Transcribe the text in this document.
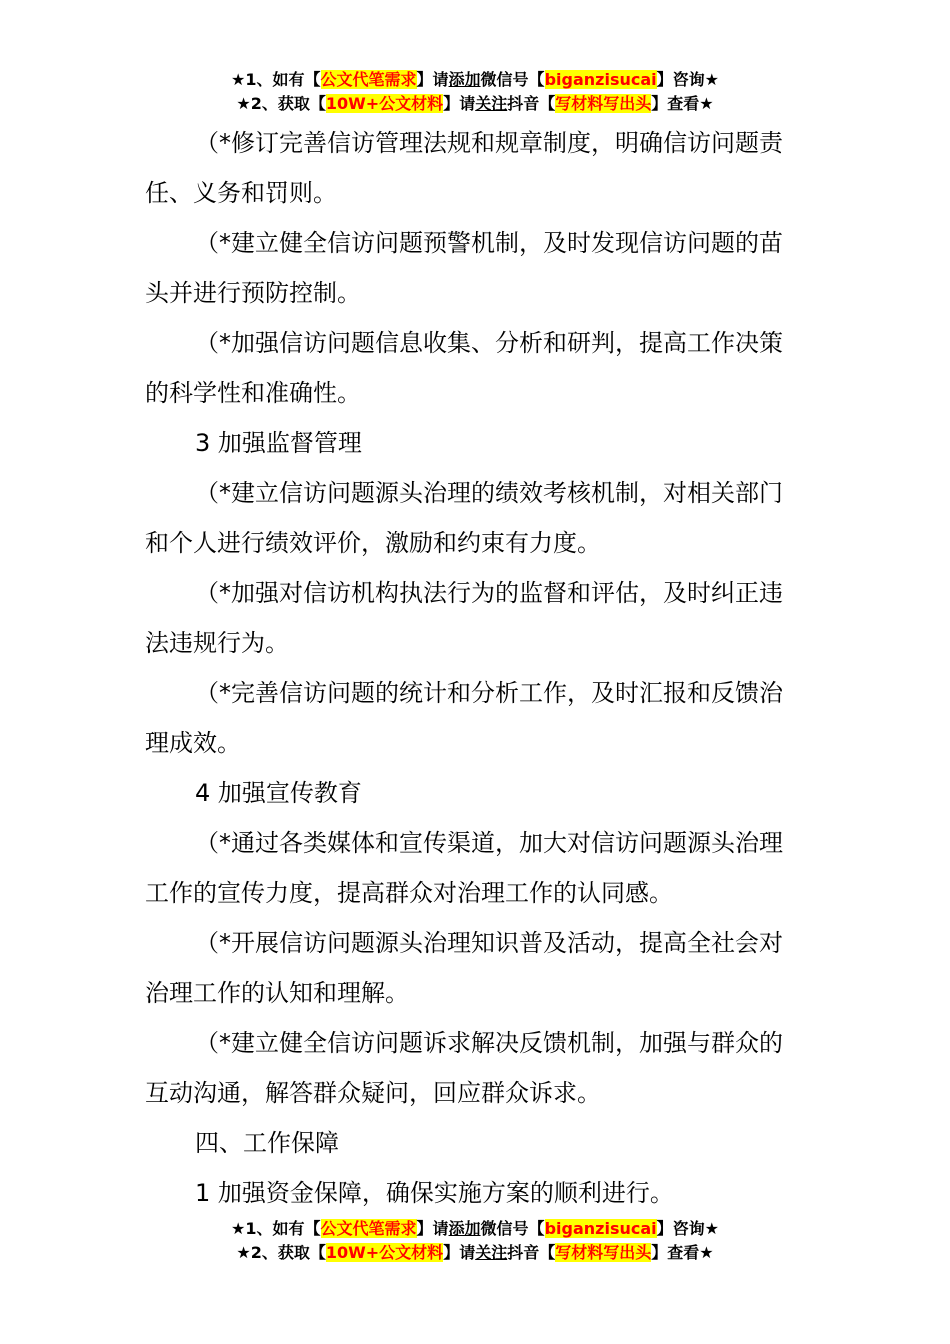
★1、如有【公文代笔需求】请添加微信号【biganzisucai】咨询★
★2、获取【10W+公文材料】请关注抖音【写材料写出头】查看★

（*修订完善信访管理法规和规章制度，明确信访问题责任、义务和罚则。

（*建立健全信访问题预警机制，及时发现信访问题的苗头并进行预防控制。

（*加强信访问题信息收集、分析和研判，提高工作决策的科学性和准确性。

3 加强监督管理

（*建立信访问题源头治理的绩效考核机制，对相关部门和个人进行绩效评价，激励和约束有力度。

（*加强对信访机构执法行为的监督和评估，及时纠正违法违规行为。

（*完善信访问题的统计和分析工作，及时汇报和反馈治理成效。

4 加强宣传教育

（*通过各类媒体和宣传渠道，加大对信访问题源头治理工作的宣传力度，提高群众对治理工作的认同感。

（*开展信访问题源头治理知识普及活动，提高全社会对治理工作的认知和理解。

（*建立健全信访问题诉求解决反馈机制，加强与群众的互动沟通，解答群众疑问，回应群众诉求。

四、工作保障

1 加强资金保障，确保实施方案的顺利进行。

★1、如有【公文代笔需求】请添加微信号【biganzisucai】咨询★
★2、获取【10W+公文材料】请关注抖音【写材料写出头】查看★
